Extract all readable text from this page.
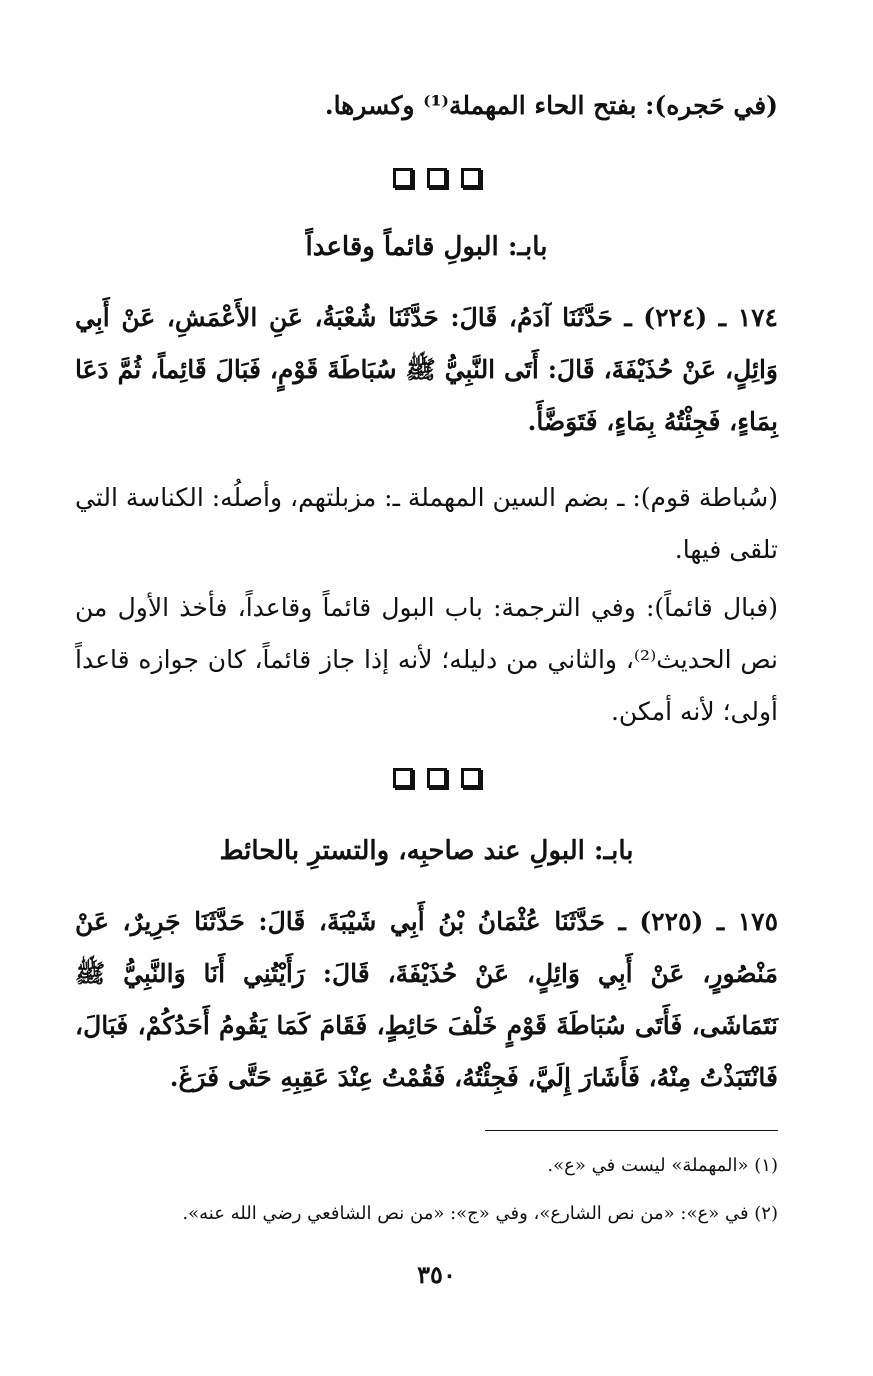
(في حَجره): بفتح الحاء المهملة⁽¹⁾ وكسرها.
بابـ: البولِ قائماً وقاعداً
١٧٤ ـ (٢٢٤) ـ حَدَّثَنَا آدَمُ، قَالَ: حَدَّثَنَا شُعْبَةُ، عَنِ الأَعْمَشِ، عَنْ أَبِي وَائِلٍ، عَنْ حُذَيْفَةَ، قَالَ: أَتَى النَّبِيُّ ﷺ سُبَاطَةَ قَوْمٍ، فَبَالَ قَائِماً، ثُمَّ دَعَا بِمَاءٍ، فَجِئْتُهُ بِمَاءٍ، فَتَوَضَّأَ.
(سُباطة قوم): ـ بضم السين المهملة ـ: مزبلتهم، وأصلُه: الكناسة التي تلقى فيها.
(فبال قائماً): وفي الترجمة: باب البول قائماً وقاعداً، فأخذ الأول من نص الحديث⁽²⁾، والثاني من دليله؛ لأنه إذا جاز قائماً، كان جوازه قاعداً أولى؛ لأنه أمكن.
بابـ: البولِ عند صاحبِه، والتسترِ بالحائط
١٧٥ ـ (٢٢٥) ـ حَدَّثَنَا عُثْمَانُ بْنُ أَبِي شَيْبَةَ، قَالَ: حَدَّثَنَا جَرِيرٌ، عَنْ مَنْصُورٍ، عَنْ أَبِي وَائِلٍ، عَنْ حُذَيْفَةَ، قَالَ: رَأَيْتُنِي أَنَا وَالنَّبِيُّ ﷺ نَتَمَاشَى، فَأَتَى سُبَاطَةَ قَوْمٍ خَلْفَ حَائِطٍ، فَقَامَ كَمَا يَقُومُ أَحَدُكُمْ، فَبَالَ، فَانْتَبَذْتُ مِنْهُ، فَأَشَارَ إِلَيَّ، فَجِئْتُهُ، فَقُمْتُ عِنْدَ عَقِبِهِ حَتَّى فَرَغَ.
(١) «المهملة» ليست في «ع».
(٢) في «ع»: «من نص الشارع»، وفي «ج»: «من نص الشافعي رضي الله عنه».
٣٥٠
